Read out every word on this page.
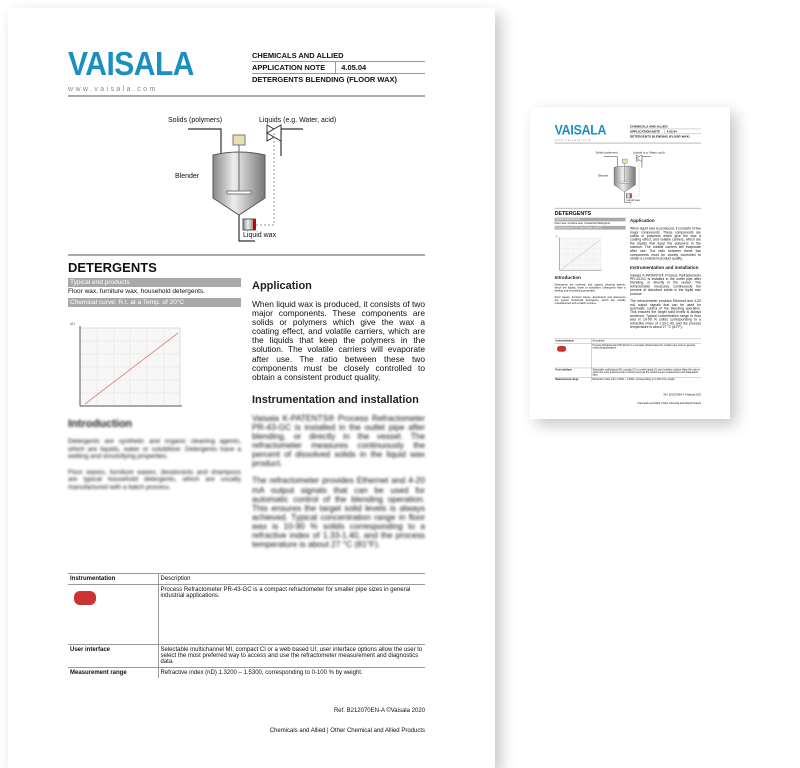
VAISALA
www.vaisala.com
CHEMICALS AND ALLIED
APPLICATION NOTE	4.05.04
DETERGENTS BLENDING (FLOOR WAX)
Solids (polymers)	Liquids (e.g. Water, acid)
Blender
Liquid wax
DETERGENTS
Typical end products
Floor wax, furniture wax, household detergents.
Chemical curve: R.I. at a Temp. of 20°C
nD
Introduction
Detergents are synthetic and organic cleaning agents, which are liquids, water or solubilizer. Detergents have a wetting and emulsifying properties.
Floor waxes, furniture waxes, deodorants and shampoos are typical household detergents, which are usually manufactured with a batch process.
Application
When liquid wax is produced, it consists of two major components. These components are solids or polymers which give the wax a coating effect, and volatile carriers, which are the liquids that keep the polymers in the solution. The volatile carriers will evaporate after use. The ratio between these two components must be closely controlled to obtain a consistent product quality.
Instrumentation and installation
Vaisala K-PATENTS® Process Refractometer PR-43-GC is installed in the outlet pipe after blending, or directly in the vessel. The refractometer measures continuously the percent of dissolved solids in the liquid wax product.
The refractometer provides Ethernet and 4-20 mA output signals that can be used for automatic control of the blending operation. This ensures the target solid levels is always achieved. Typical concentration range in floor wax is 10-90 % solids corresponding to a refractive index of 1.33-1.40, and the process temperature is about 27 °C (81°F).
Instrumentation	Description
	Process Refractometer PR-43-GC is a compact refractometer for smaller pipe sizes in general industrial applications.
User interface	Selectable multichannel MI, compact CI or a web based UI; user interface options allow the user to select the most preferred way to access and use the refractometer measurement and diagnostics data.
Measurement range	Refractive index (nD) 1.3200 – 1.5300, corresponding to 0-100 % by weight.
Ref. B212070EN-A ©Vaisala 2020
Chemicals and Allied | Other Chemical and Allied Products
VAISALA
www.vaisala.com
CHEMICALS AND ALLIED
APPLICATION NOTE 4.05.04
DETERGENTS BLENDING (FLOOR WAX)
Solids (polymers) Liquids (e.g. Water, acid)
Blender
Liquid wax
DETERGENTS
Typical end products
Floor wax, furniture wax, household detergents.
Chemical curve: R.I. at a Temp. of 20°C
nD
Introduction
Detergents are synthetic and organic cleaning agents, which are liquids, water or solubilizer. Detergents have a wetting and emulsifying properties.
Floor waxes, furniture waxes, deodorants and shampoos are typical household detergents, which are usually manufactured with a batch process.
Application
When liquid wax is produced, it consists of two major components. These components are solids or polymers which give the wax a coating effect, and volatile carriers, which are the liquids that keep the polymers in the solution. The volatile carriers will evaporate after use. The ratio between these two components must be closely controlled to obtain a consistent product quality.
Instrumentation and installation
Vaisala K-PATENTS® Process Refractometer PR-43-GC is installed in the outlet pipe after blending, or directly in the vessel. The refractometer measures continuously the percent of dissolved solids in the liquid wax product.
The refractometer provides Ethernet and 4-20 mA output signals that can be used for automatic control of the blending operation. This ensures the target solid levels is always achieved. Typical concentration range in floor wax is 10-90 % solids corresponding to a refractive index of 1.33-1.40, and the process temperature is about 27 °C (81°F).
Instrumentation	Description
	Process Refractometer PR-43-GC is a compact refractometer for smaller pipe sizes in general industrial applications.
User interface	Selectable multichannel MI, compact CI or a web based UI; user interface options allow the user to select the most preferred way to access and use the refractometer measurement and diagnostics data.
Measurement range	Refractive index (nD) 1.3200 – 1.5300, corresponding to 0-100 % by weight.
Ref. B212070EN-A ©Vaisala 2020
Chemicals and Allied | Other Chemical and Allied Products
